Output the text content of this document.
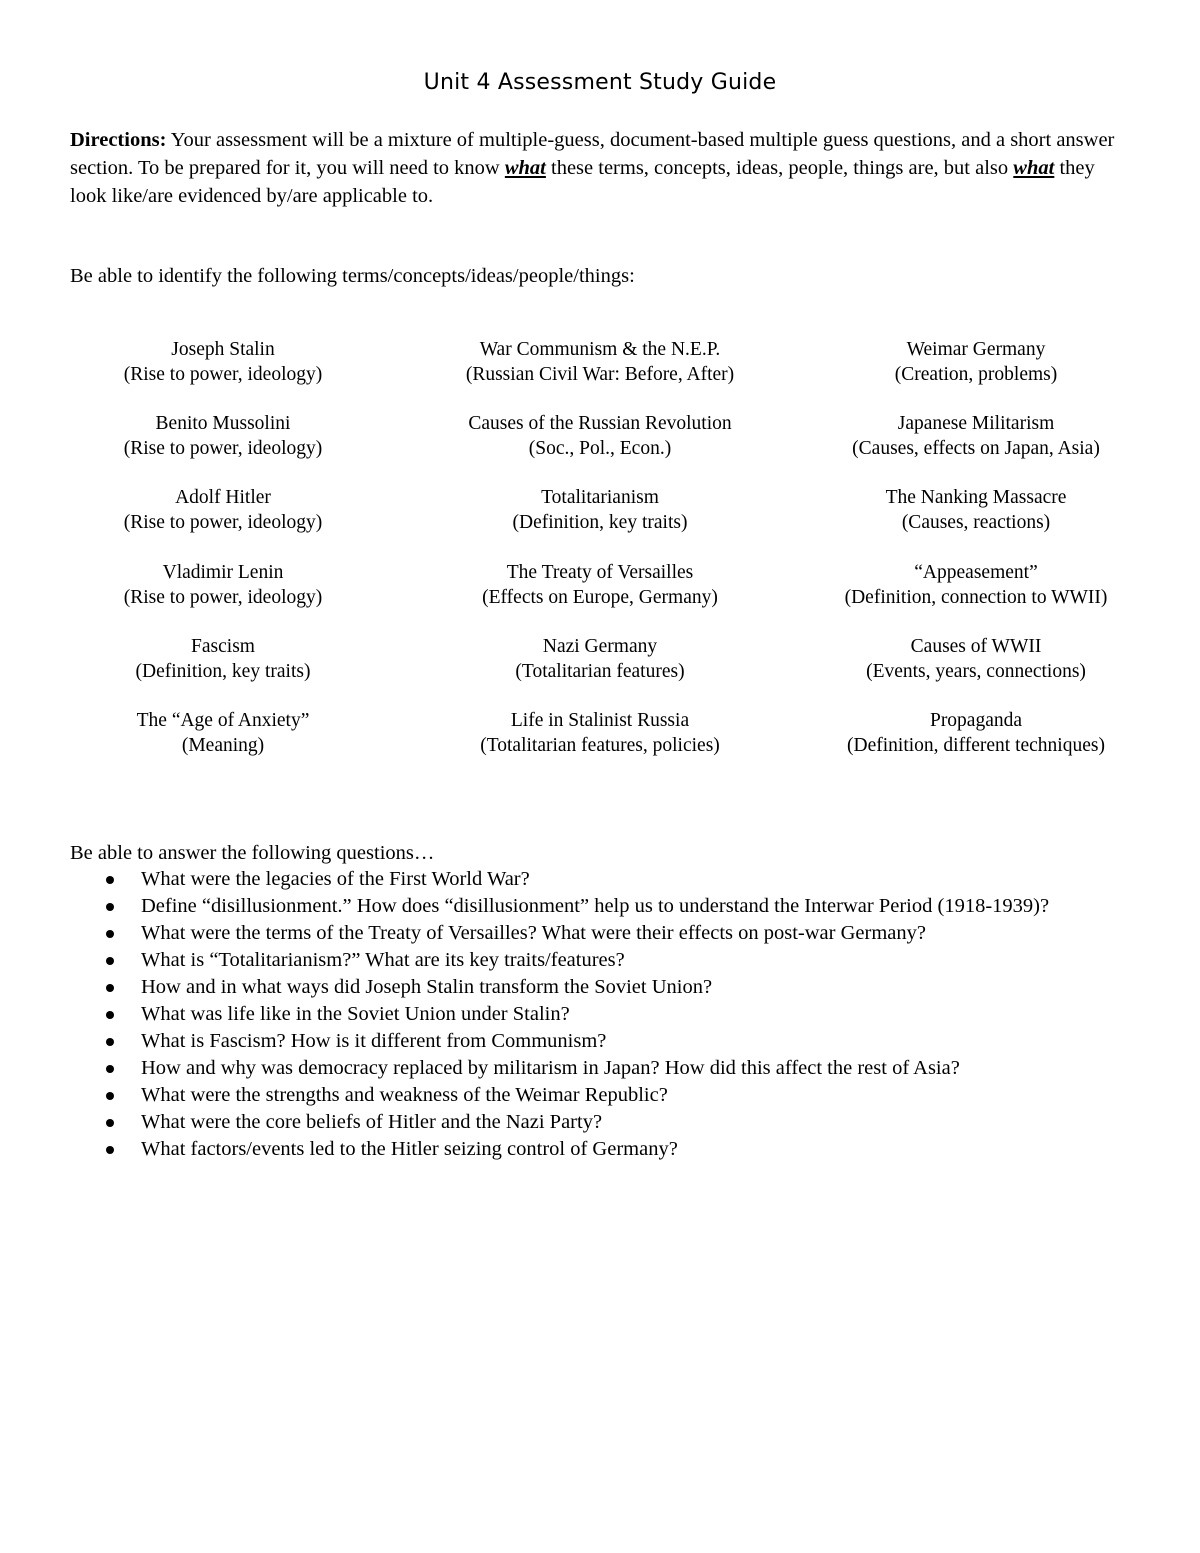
Unit 4 Assessment Study Guide

Directions: Your assessment will be a mixture of multiple-guess, document-based multiple guess questions, and a short answer section. To be prepared for it, you will need to know what these terms, concepts, ideas, people, things are, but also what they look like/are evidenced by/are applicable to.

Be able to identify the following terms/concepts/ideas/people/things:
Joseph Stalin
(Rise to power, ideology)
Benito Mussolini
(Rise to power, ideology)
Adolf Hitler
(Rise to power, ideology)
Vladimir Lenin
(Rise to power, ideology)
Fascism
(Definition, key traits)
The “Age of Anxiety”
(Meaning)
War Communism & the N.E.P.
(Russian Civil War: Before, After)
Causes of the Russian Revolution
(Soc., Pol., Econ.)
Totalitarianism
(Definition, key traits)
The Treaty of Versailles
(Effects on Europe, Germany)
Nazi Germany
(Totalitarian features)
Life in Stalinist Russia
(Totalitarian features, policies)
Weimar Germany
(Creation, problems)
Japanese Militarism
(Causes, effects on Japan, Asia)
The Nanking Massacre
(Causes, reactions)
“Appeasement”
(Definition, connection to WWII)
Causes of WWII
(Events, years, connections)
Propaganda
(Definition, different techniques)
Be able to answer the following questions…
What were the legacies of the First World War?
Define “disillusionment.” How does “disillusionment” help us to understand the Interwar Period (1918-1939)?
What were the terms of the Treaty of Versailles? What were their effects on post-war Germany?
What is “Totalitarianism?” What are its key traits/features?
How and in what ways did Joseph Stalin transform the Soviet Union?
What was life like in the Soviet Union under Stalin?
What is Fascism? How is it different from Communism?
How and why was democracy replaced by militarism in Japan? How did this affect the rest of Asia?
What were the strengths and weakness of the Weimar Republic?
What were the core beliefs of Hitler and the Nazi Party?
What factors/events led to the Hitler seizing control of Germany?
